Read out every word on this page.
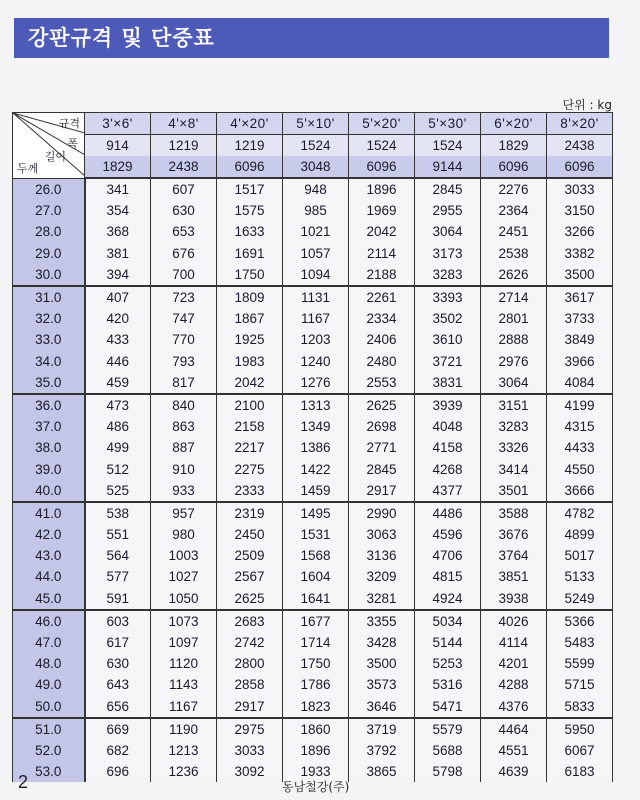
강판규격 및 단중표
단위 : kg
규격
폭
길이
두께	3'×6'	4'×8'	4'×20'	5'×10'	5'×20'	5'×30'	6'×20'	8'×20'
	914	1219	1219	1524	1524	1524	1829	2438
	1829	2438	6096	3048	6096	9144	6096	6096
26.0	341	607	1517	948	1896	2845	2276	3033
27.0	354	630	1575	985	1969	2955	2364	3150
28.0	368	653	1633	1021	2042	3064	2451	3266
29.0	381	676	1691	1057	2114	3173	2538	3382
30.0	394	700	1750	1094	2188	3283	2626	3500
31.0	407	723	1809	1131	2261	3393	2714	3617
32.0	420	747	1867	1167	2334	3502	2801	3733
33.0	433	770	1925	1203	2406	3610	2888	3849
34.0	446	793	1983	1240	2480	3721	2976	3966
35.0	459	817	2042	1276	2553	3831	3064	4084
36.0	473	840	2100	1313	2625	3939	3151	4199
37.0	486	863	2158	1349	2698	4048	3283	4315
38.0	499	887	2217	1386	2771	4158	3326	4433
39.0	512	910	2275	1422	2845	4268	3414	4550
40.0	525	933	2333	1459	2917	4377	3501	3666
41.0	538	957	2319	1495	2990	4486	3588	4782
42.0	551	980	2450	1531	3063	4596	3676	4899
43.0	564	1003	2509	1568	3136	4706	3764	5017
44.0	577	1027	2567	1604	3209	4815	3851	5133
45.0	591	1050	2625	1641	3281	4924	3938	5249
46.0	603	1073	2683	1677	3355	5034	4026	5366
47.0	617	1097	2742	1714	3428	5144	4114	5483
48.0	630	1120	2800	1750	3500	5253	4201	5599
49.0	643	1143	2858	1786	3573	5316	4288	5715
50.0	656	1167	2917	1823	3646	5471	4376	5833
51.0	669	1190	2975	1860	3719	5579	4464	5950
52.0	682	1213	3033	1896	3792	5688	4551	6067
53.0	696	1236	3092	1933	3865	5798	4639	6183
2	동남철강(주)
